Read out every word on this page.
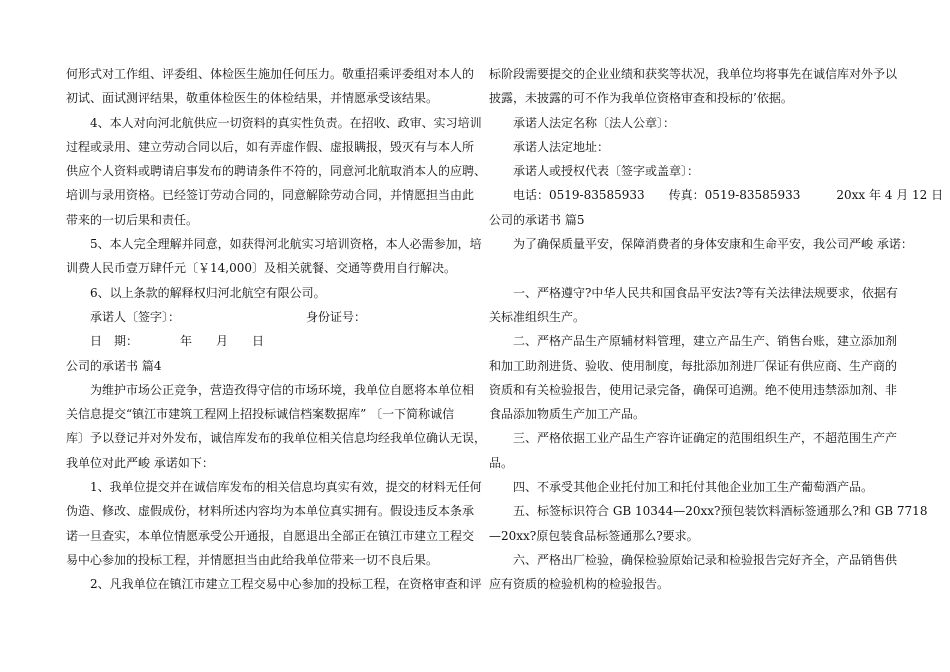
何形式对工作组、评委组、体检医生施加任何压力。敬重招乘评委组对本人的
初试、面试测评结果，敬重体检医生的体检结果，并情愿承受该结果。
　　4、本人对向河北航供应一切资料的真实性负责。在招收、政审、实习培训
过程或录用、建立劳动合同以后，如有弄虚作假、虚报瞒报，毁灭有与本人所
供应个人资料或聘请启事发布的聘请条件不符的，同意河北航取消本人的应聘、
培训与录用资格。已经签订劳动合同的，同意解除劳动合同，并情愿担当由此
带来的一切后果和责任。
　　5、本人完全理解并同意，如获得河北航实习培训资格，本人必需参加，培
训费人民币壹万肆仟元〔￥14,000〕及相关就餐、交通等费用自行解决。
　　6、以上条款的解释权归河北航空有限公司。
　　承诺人〔签字〕：　　　　　　　　　　　身份证号：
　　日　期：　　　　年　　月　　日
公司的承诺书 篇4
　　为维护市场公正竞争，营造孜得守信的市场环境，我单位自愿将本单位相
关信息提交“镇江市建筑工程网上招投标诚信档案数据库” 〔一下简称诚信
库〕予以登记并对外发布，诚信库发布的我单位相关信息均经我单位确认无误，
我单位对此严峻 承诺如下：
　　1、我单位提交并在诚信库发布的相关信息均真实有效，提交的材料无任何
伪造、修改、虚假成份，材料所述内容均为本单位真实拥有。假设违反本条承
诺一旦查实，本单位情愿承受公开通报，自愿退出全部正在镇江市建立工程交
易中心参加的投标工程，并情愿担当由此给我单位带来一切不良后果。
　　2、凡我单位在镇江市建立工程交易中心参加的投标工程，在资格审查和评
标阶段需要提交的企业业绩和获奖等状况，我单位均将事先在诚信库对外予以
披露，未披露的可不作为我单位资格审查和投标的’依据。
　　承诺人法定名称〔法人公章〕：
　　承诺人法定地址：
　　承诺人或授权代表〔签字或盖章〕：
　　电话：0519-83585933　　传真：0519-83585933　　　20xx 年 4 月 12 日
公司的承诺书 篇5
　　为了确保质量平安，保障消费者的身体安康和生命平安，我公司严峻 承诺：
　　一、严格遵守?中华人民共和国食品平安法?等有关法律法规要求，依据有
关标准组织生产。
　　二、严格产品生产原辅材料管理，建立产品生产、销售台账，建立添加剂
和加工助剂进货、验收、使用制度，每批添加剂进厂保证有供应商、生产商的
资质和有关检验报告，使用记录完备，确保可追溯。绝不使用违禁添加剂、非
食品添加物质生产加工产品。
　　三、严格依据工业产品生产容许证确定的范围组织生产，不超范围生产产
品。
　　四、不承受其他企业托付加工和托付其他企业加工生产葡萄酒产品。
　　五、标签标识符合 GB 10344—20xx?预包装饮料酒标签通那么?和 GB 7718
—20xx?原包装食品标签通那么?要求。
　　六、严格出厂检验，确保检验原始记录和检验报告完好齐全，产品销售供
应有资质的检验机构的检验报告。
